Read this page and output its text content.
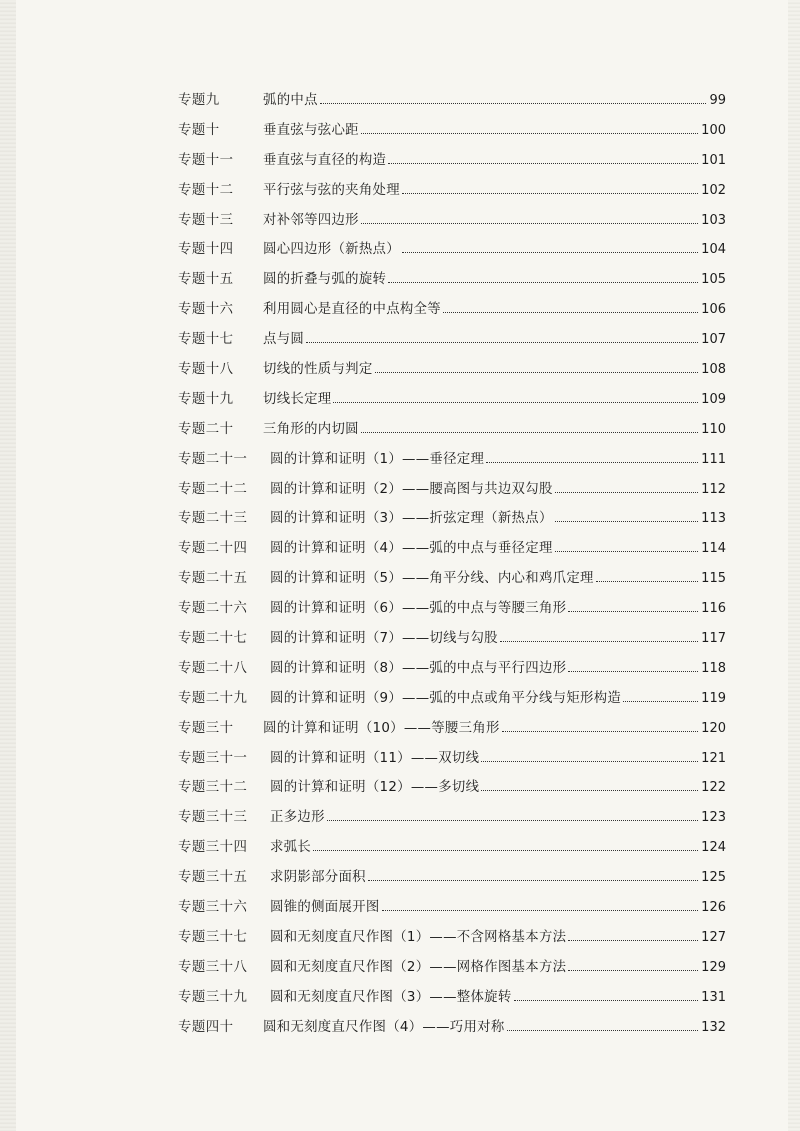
专题九	弧的中点	99
专题十	垂直弦与弦心距	100
专题十一	垂直弦与直径的构造	101
专题十二	平行弦与弦的夹角处理	102
专题十三	对补邻等四边形	103
专题十四	圆心四边形（新热点）	104
专题十五	圆的折叠与弧的旋转	105
专题十六	利用圆心是直径的中点构全等	106
专题十七	点与圆	107
专题十八	切线的性质与判定	108
专题十九	切线长定理	109
专题二十	三角形的内切圆	110
专题二十一	圆的计算和证明（1）——垂径定理	111
专题二十二	圆的计算和证明（2）——腰高图与共边双勾股	112
专题二十三	圆的计算和证明（3）——折弦定理（新热点）	113
专题二十四	圆的计算和证明（4）——弧的中点与垂径定理	114
专题二十五	圆的计算和证明（5）——角平分线、内心和鸡爪定理	115
专题二十六	圆的计算和证明（6）——弧的中点与等腰三角形	116
专题二十七	圆的计算和证明（7）——切线与勾股	117
专题二十八	圆的计算和证明（8）——弧的中点与平行四边形	118
专题二十九	圆的计算和证明（9）——弧的中点或角平分线与矩形构造	119
专题三十	圆的计算和证明（10）——等腰三角形	120
专题三十一	圆的计算和证明（11）——双切线	121
专题三十二	圆的计算和证明（12）——多切线	122
专题三十三	正多边形	123
专题三十四	求弧长	124
专题三十五	求阴影部分面积	125
专题三十六	圆锥的侧面展开图	126
专题三十七	圆和无刻度直尺作图（1）——不含网格基本方法	127
专题三十八	圆和无刻度直尺作图（2）——网格作图基本方法	129
专题三十九	圆和无刻度直尺作图（3）——整体旋转	131
专题四十	圆和无刻度直尺作图（4）——巧用对称	132
